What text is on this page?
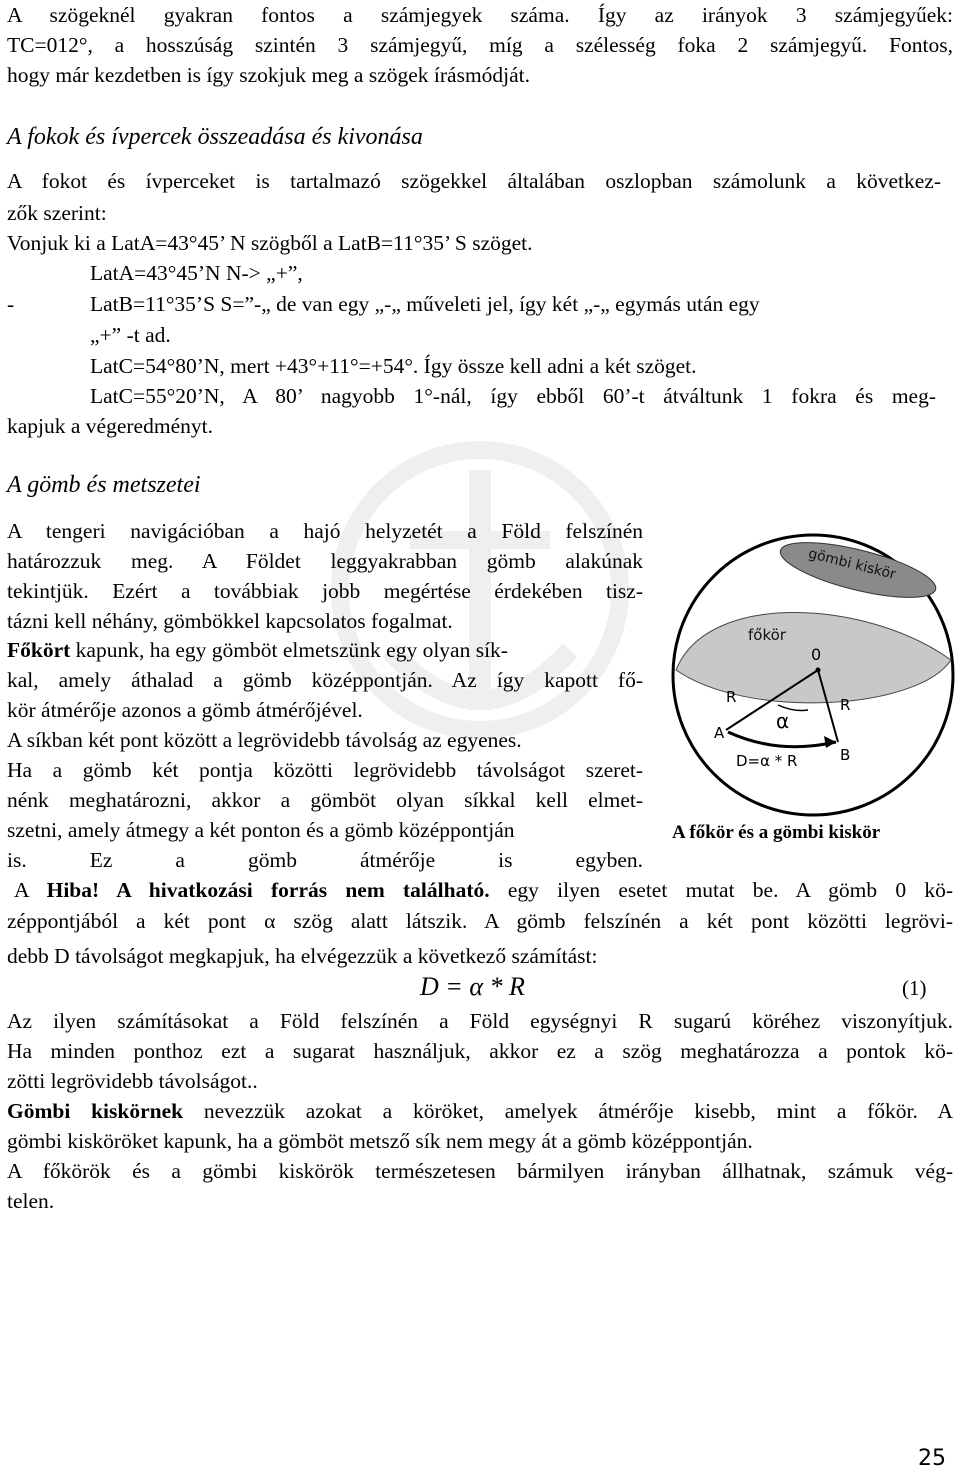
A szögeknél gyakran fontos a számjegyek száma. Így az irányok 3 számjegyűek:
TC=012°, a hosszúság szintén 3 számjegyű, míg a szélesség foka 2 számjegyű. Fontos,
hogy már kezdetben is így szokjuk meg a szögek írásmódját.
A fokok és ívpercek összeadása és kivonása
A fokot és ívperceket is tartalmazó szögekkel általában oszlopban számolunk a következ-
zők szerint:
Vonjuk ki a LatA=43°45’ N szögből a LatB=11°35’ S szöget.
LatA=43°45’N N-> „+”,
-	LatB=11°35’S S=”-„ de van egy „-„ műveleti jel, így két „-„ egymás után egy
„+” -t ad.
LatC=54°80’N, mert +43°+11°=+54°. Így össze kell adni a két szöget.
LatC=55°20’N, A 80’ nagyobb 1°-nál, így ebből 60’-t átváltunk 1 fokra és meg-
kapjuk a végeredményt.
A gömb és metszetei
A tengeri navigációban a hajó helyzetét a Föld felszínén
határozzuk meg. A Földet leggyakrabban gömb alakúnak
tekintjük. Ezért a továbbiak jobb megértése érdekében tisz-
tázni kell néhány, gömbökkel kapcsolatos fogalmat.
Főkört kapunk, ha egy gömböt elmetszünk egy olyan sík-
kal, amely áthalad a gömb középpontján. Az így kapott fő-
kör átmérője azonos a gömb átmérőjével.
A síkban két pont között a legrövidebb távolság az egyenes.
Ha a gömb két pontja közötti legrövidebb távolságot szeret-
nénk meghatározni, akkor a gömböt olyan síkkal kell elmet-
szetni, amely átmegy a két ponton és a gömb középpontján
is. Ez a gömb átmérője is egyben.
gömbi kiskör
főkör
0
R	R
α
A
B
D=α * R
A főkör és a gömbi kiskör
A Hiba! A hivatkozási forrás nem található. egy ilyen esetet mutat be. A gömb 0 kö-
zéppontjából a két pont α szög alatt látszik. A gömb felszínén a két pont közötti legrövi-
debb D távolságot megkapjuk, ha elvégezzük a következő számítást:
D = α * R	(1)
Az ilyen számításokat a Föld felszínén a Föld egységnyi R sugarú köréhez viszonyítjuk.
Ha minden ponthoz ezt a sugarat használjuk, akkor ez a szög meghatározza a pontok kö-
zötti legrövidebb távolságot..
Gömbi kiskörnek nevezzük azokat a köröket, amelyek átmérője kisebb, mint a főkör. A
gömbi kisköröket kapunk, ha a gömböt metsző sík nem megy át a gömb középpontján.
A főkörök és a gömbi kiskörök természetesen bármilyen irányban állhatnak, számuk vég-
telen.
25
